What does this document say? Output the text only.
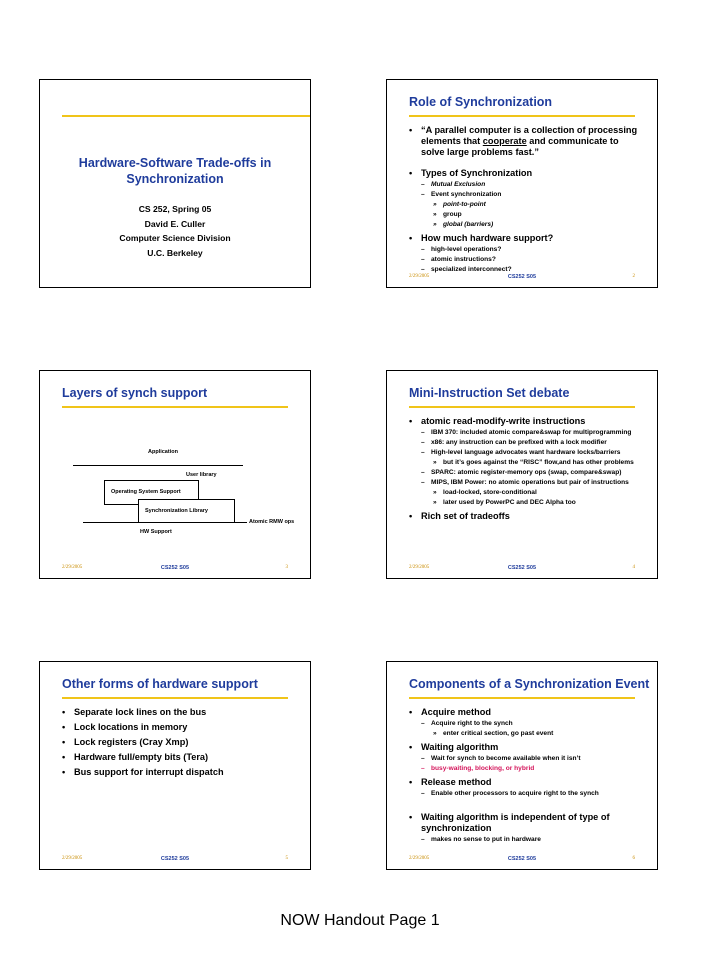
Hardware-Software Trade-offs in
Synchronization
CS 252, Spring 05
David E. Culler
Computer Science Division
U.C. Berkeley
Role of Synchronization
• “A parallel computer is a collection of processing elements that cooperate and communicate to solve large problems fast.”
• Types of Synchronization
– Mutual Exclusion
– Event synchronization
» point-to-point
» group
» global (barriers)
• How much hardware support?
– high-level operations?
– atomic instructions?
– specialized interconnect?
2/29/2005	CS252 S05	2
Layers of synch support
Application
User library
Operating System Support
Synchronization Library
Atomic RMW ops
HW Support
2/29/2005	CS252 S05	3
Mini-Instruction Set debate
• atomic read-modify-write instructions
– IBM 370: included atomic compare&swap for multiprogramming
– x86: any instruction can be prefixed with a lock modifier
– High-level language advocates want hardware locks/barriers
» but it’s goes against the “RISC” flow,and has other problems
– SPARC: atomic register-memory ops (swap, compare&swap)
– MIPS, IBM Power: no atomic operations but pair of instructions
» load-locked, store-conditional
» later used by PowerPC and DEC Alpha too
• Rich set of tradeoffs
2/29/2005	CS252 S05	4
Other forms of hardware support
• Separate lock lines on the bus
• Lock locations in memory
• Lock registers (Cray Xmp)
• Hardware full/empty bits (Tera)
• Bus support for interrupt dispatch
2/29/2005	CS252 S05	5
Components of a Synchronization Event
• Acquire method
– Acquire right to the synch
» enter critical section, go past event
• Waiting algorithm
– Wait for synch to become available when it isn’t
– busy-waiting, blocking, or hybrid
• Release method
– Enable other processors to acquire right to the synch
• Waiting algorithm is independent of type of synchronization
– makes no sense to put in hardware
2/29/2005	CS252 S05	6
NOW Handout Page 1
